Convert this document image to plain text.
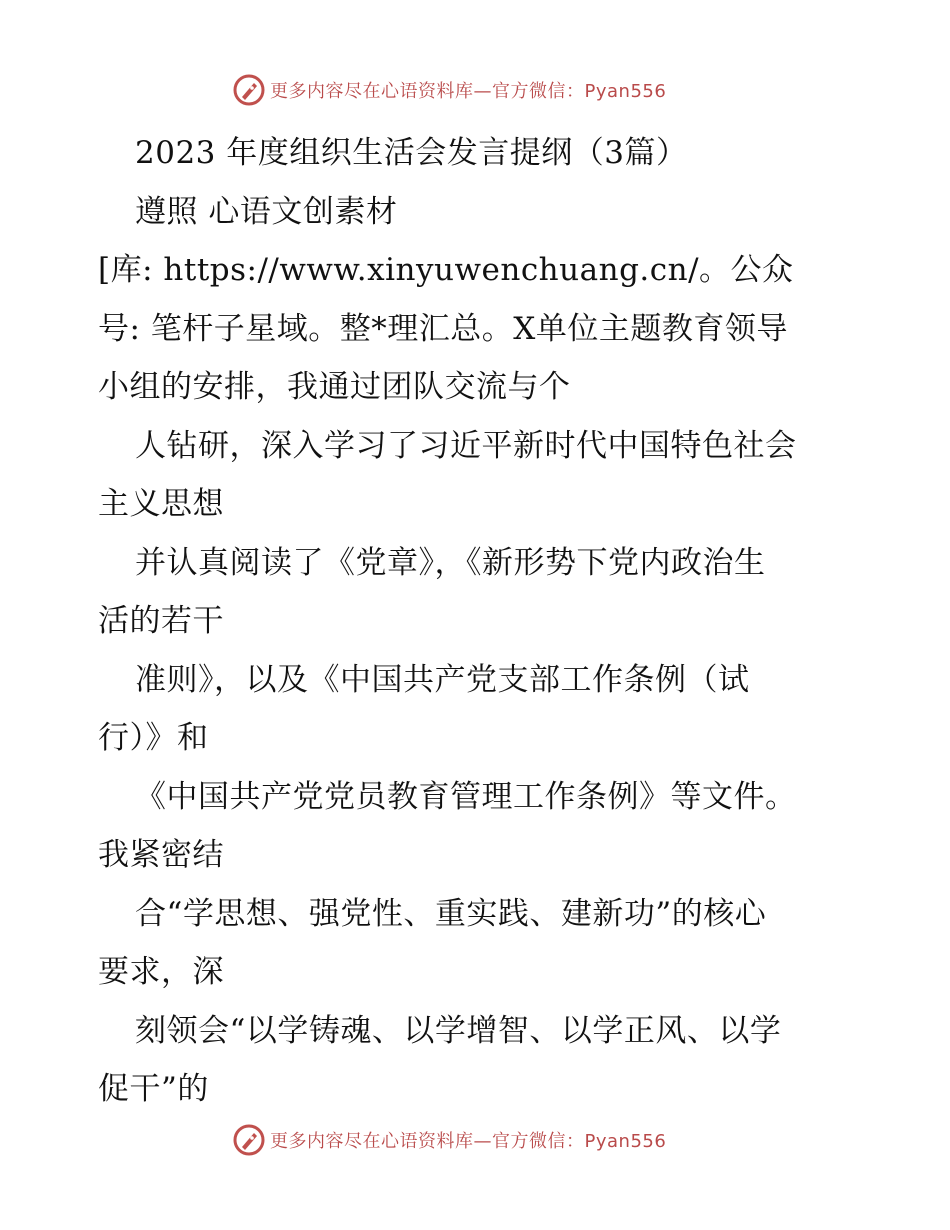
更多内容尽在心语资料库—官方微信：Pyan556
2023 年度组织生活会发言提纲（3篇）
遵照 心语文创素材
[库: https://www.xinyuwenchuang.cn/。公众
号: 笔杆子星域。整*理汇总。X单位主题教育领导
小组的安排，我通过团队交流与个
人钻研，深入学习了习近平新时代中国特色社会
主义思想
并认真阅读了《党章》，《新形势下党内政治生
活的若干
准则》，以及《中国共产党支部工作条例（试
行）》和
《中国共产党党员教育管理工作条例》等文件。
我紧密结
合“学思想、强党性、重实践、建新功”的核心
要求，深
刻领会“以学铸魂、以学增智、以学正风、以学
促干”的
更多内容尽在心语资料库—官方微信：Pyan556
